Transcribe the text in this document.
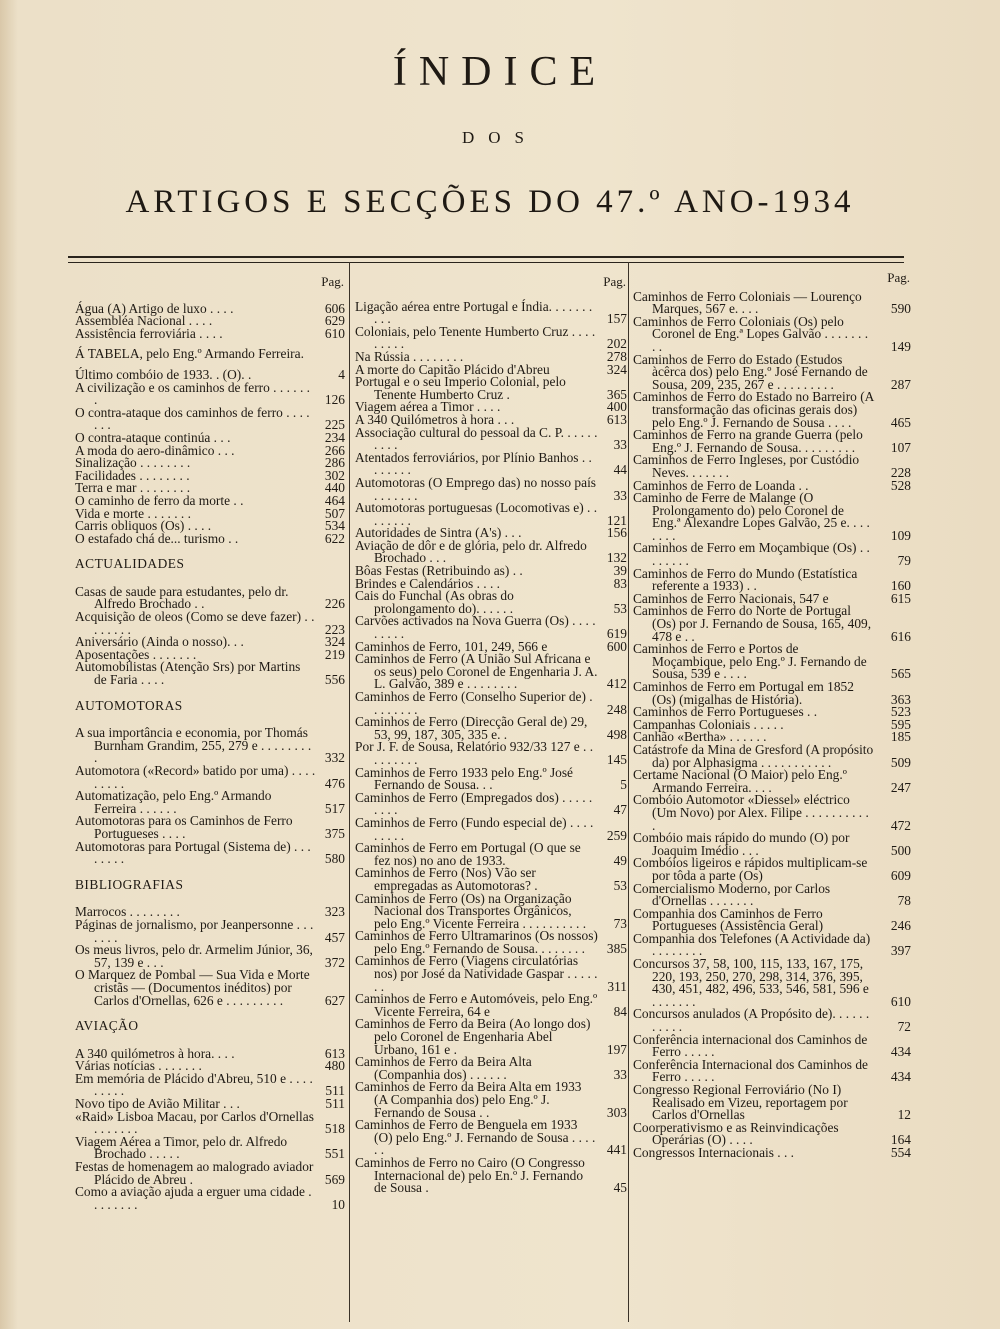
ÍNDICE
DOS
ARTIGOS E SECÇÕES DO 47.º ANO-1934
Pag.
Água (A) Artigo de luxo . . . .	606
Assembléa Nacional . . . .	629
Assistência ferroviária . . . .	610
Á TABELA, pelo Eng.º Armando Ferreira.
Último combóio de 1933. . (O). .	4
A civilização e os caminhos de ferro . . . . . . .	126
O contra-ataque dos caminhos de ferro . . . . . . .	225
O contra-ataque continúa . . .	234
A moda do aero-dinâmico . . .	266
Sinalização . . . . . . . .	286
Facilidades . . . . . . . .	302
Terra e mar . . . . . . . .	440
O caminho de ferro da morte . .	464
Vida e morte . . . . . . .	507
Carris obliquos (Os) . . . .	534
O estafado chá de... turismo . .	622
ACTUALIDADES
Casas de saude para estudantes, pelo dr. Alfredo Brochado . .	226
Acquisição de oleos (Como se deve fazer) . . . . . . . .	223
Aniversário (Ainda o nosso). . .	324
Aposentações . . . . . . .	219
Automobilistas (Atenção Srs) por Martins de Faria . . . .	556
AUTOMOTORAS
A sua importância e economia, por Thomás Burnham Grandim, 255, 279 e . . . . . . . . .	332
Automotora («Record» batido por uma) . . . . . . . . .	476
Automatização, pelo Eng.º Armando Ferreira . . . . . .	517
Automotoras para os Caminhos de Ferro Portugueses . . . .	375
Automotoras para Portugal (Sistema de) . . . . . . . .	580
BIBLIOGRAFIAS
Marrocos . . . . . . . .	323
Páginas de jornalismo, por Jeanpersonne . . . . . . .	457
Os meus livros, pelo dr. Armelim Júnior, 36, 57, 139 e . . .	372
O Marquez de Pombal — Sua Vida e Morte cristãs — (Documentos inéditos) por Carlos d'Ornellas, 626 e . . . . . . . . .	627
AVIAÇÃO
A 340 quilómetros à hora. . . .	613
Várias notícias . . . . . . .	480
Em memória de Plácido d'Abreu, 510 e . . . . . . . . .	511
Novo tipo de Avião Militar . . .	511
«Raid» Lisboa Macau, por Carlos d'Ornellas . . . . . . .	518
Viagem Aérea a Timor, pelo dr. Alfredo Brochado . . . . .	551
Festas de homenagem ao malogrado aviador Plácido de Abreu .	569
Como a aviação ajuda a erguer uma cidade . . . . . . . .	10
Pag.
Ligação aérea entre Portugal e Índia. . . . . . . . . .	157
Coloniais, pelo Tenente Humberto Cruz . . . . . . . . .	202
Na Rússia . . . . . . . .	278
A morte do Capitão Plácido d'Abreu	324
Portugal e o seu Imperio Colonial, pelo Tenente Humberto Cruz .	365
Viagem aérea a Timor . . . .	400
A 340 Quilómetros à hora . . .	613
Associação cultural do pessoal da C. P. . . . . . . . . .	33
Atentados ferroviários, por Plínio Banhos . . . . . . . .	44
Automotoras (O Emprego das) no nosso país . . . . . . .	33
Automotoras portuguesas (Locomotivas e) . . . . . . . .	121
Autoridades de Sintra (A's) . . .	156
Aviação de dôr e de glória, pelo dr. Alfredo Brochado . . .	132
Bôas Festas (Retribuindo as) . .	39
Brindes e Calendários . . . .	83
Cais do Funchal (As obras do prolongamento do). . . . . .	53
Carvões activados na Nova Guerra (Os) . . . . . . . . .	619
Caminhos de Ferro, 101, 249, 566 e	600
Caminhos de Ferro (A União Sul Africana e os seus) pelo Coronel de Engenharia J. A. L. Galvão, 389 e . . . . . . . .	412
Caminhos de Ferro (Conselho Superior de) . . . . . . . .	248
Caminhos de Ferro (Direcção Geral de) 29, 53, 99, 187, 305, 335 e. .	498
Por J. F. de Sousa, Relatório 932/33 127 e . . . . . . . . .	145
Caminhos de Ferro 1933 pelo Eng.º José Fernando de Sousa. . .	5
Caminhos de Ferro (Empregados dos) . . . . . . . . .	47
Caminhos de Ferro (Fundo especial de) . . . . . . . . .	259
Caminhos de Ferro em Portugal (O que se fez nos) no ano de 1933.	49
Caminhos de Ferro (Nos) Vão ser empregadas as Automotoras? .	53
Caminhos de Ferro (Os) na Organização Nacional dos Transportes Orgânicos, pelo Eng.º Vicente Ferreira . . . . . . . . . .	73
Caminhos de Ferro Ultramarinos (Os nossos) pelo Eng.º Fernando de Sousa. . . . . . . .	385
Caminhos de Ferro (Viagens circulatórias nos) por José da Natividade Gaspar . . . . . . .	311
Caminhos de Ferro e Automóveis, pelo Eng.º Vicente Ferreira, 64 e	84
Caminhos de Ferro da Beira (Ao longo dos) pelo Coronel de Engenharia Abel Urbano, 161 e .	197
Caminhos de Ferro da Beira Alta (Companhia dos) . . . . . .	33
Caminhos de Ferro da Beira Alta em 1933 (A Companhia dos) pelo Eng.º J. Fernando de Sousa . .	303
Caminhos de Ferro de Benguela em 1933 (O) pelo Eng.º J. Fernando de Sousa . . . . . .	441
Caminhos de Ferro no Cairo (O Congresso Internacional de) pelo En.º J. Fernando de Sousa .	45
Pag.
Caminhos de Ferro Coloniais — Lourenço Marques, 567 e. . . .	590
Caminhos de Ferro Coloniais (Os) pelo Coronel de Eng.ª Lopes Galvão . . . . . . . . .	149
Caminhos de Ferro do Estado (Estudos àcêrca dos) pelo Eng.º José Fernando de Sousa, 209, 235, 267 e . . . . . . . . .	287
Caminhos de Ferro do Estado no Barreiro (A transformação das oficinas gerais dos) pelo Eng.º J. Fernando de Sousa . . . .	465
Caminhos de Ferro na grande Guerra (pelo Eng.º J. Fernando de Sousa. . . . . . . . .	107
Caminhos de Ferro Ingleses, por Custódio Neves. . . . . . .	228
Caminhos de Ferro de Loanda . .	528
Caminho de Ferre de Malange (O Prolongamento do) pelo Coronel de Eng.ª Alexandre Lopes Galvão, 25 e. . . . . . . .	109
Caminhos de Ferro em Moçambique (Os) . . . . . . . .	79
Caminhos de Ferro do Mundo (Estatística referente a 1933) . .	160
Caminhos de Ferro Nacionais, 547 e	615
Caminhos de Ferro do Norte de Portugal (Os) por J. Fernando de Sousa, 165, 409, 478 e . .	616
Caminhos de Ferro e Portos de Moçambique, pelo Eng.º J. Fernando de Sousa, 539 e . . . .	565
Caminhos de Ferro em Portugal em 1852 (Os) (migalhas de História).	363
Caminhos de Ferro Portugueses . .	523
Campanhas Coloniais . . . . .	595
Canhão «Bertha» . . . . . .	185
Catástrofe da Mina de Gresford (A propósito da) por Alphasigma . . . . . . . . . . .	509
Certame Nacional (O Maior) pelo Eng.º Armando Ferreira. . . .	247
Combóio Automotor «Diessel» eléctrico (Um Novo) por Alex. Filipe . . . . . . . . . . .	472
Combóio mais rápido do mundo (O) por Joaquim Imédio . . .	500
Combóios ligeiros e rápidos multiplicam-se por tôda a parte (Os)	609
Comercialismo Moderno, por Carlos d'Ornellas . . . . . . .	78
Companhia dos Caminhos de Ferro Portugueses (Assistência Geral)	246
Companhia dos Telefones (A Actividade da) . . . . . . . .	397
Concursos 37, 58, 100, 115, 133, 167, 175, 220, 193, 250, 270, 298, 314, 376, 395, 430, 451, 482, 496, 533, 546, 581, 596 e . . . . . . .	610
Concursos anulados (A Propósito de). . . . . . . . . . .	72
Conferência internacional dos Caminhos de Ferro . . . . .	434
Conferência Internacional dos Caminhos de Ferro . . . . .	434
Congresso Regional Ferroviário (No I) Realisado em Vizeu, reportagem por Carlos d'Ornellas	12
Coorperativismo e as Reinvindicações Operárias (O) . . . .	164
Congressos Internacionais . . .	554
